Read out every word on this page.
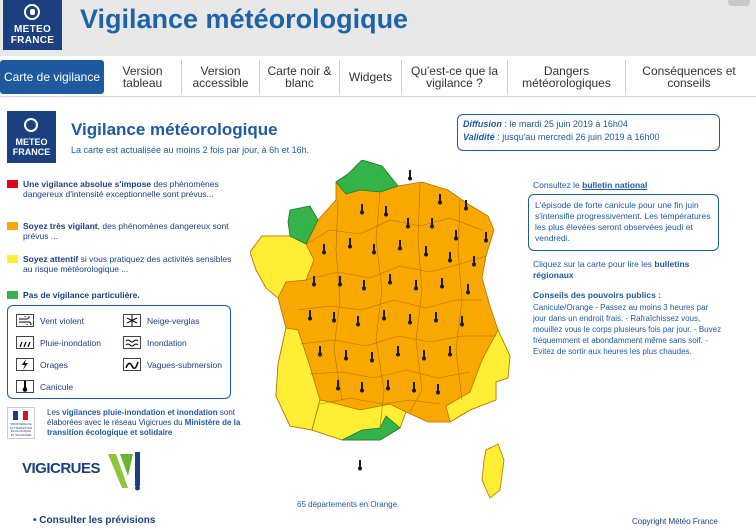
METEO
FRANCE
Vigilance météorologique
Carte de vigilance	Version tableau
Version accessible
Carte noir & blanc	Widgets	Qu'est-ce que la vigilance ?
Dangers météorologiques
Conséquences et conseils
METEO
FRANCE
Vigilance météorologique
La carte est actualisée au moins 2 fois par jour, à 6h et 16h.
Une vigilance absolue s'impose des phénomènes dangereux d'intensité exceptionnelle sont prévus...
Soyez très vigilant, des phénomènes dangereux sont prévus ...
Soyez attentif si vous pratiquez des activités sensibles au risque météorologique ...
Pas de vigilance particulière.
Vent violent	Neige-verglas
Pluie-inondation	Inondation
Orages	Vagues-submersion
Canicule
MINISTÈRE DE LA TRANSITION ÉCOLOGIQUE ET SOLIDAIRE
Les vigilances pluie-inondation et inondation sont élaborées avec le réseau Vigicrues du Ministère de la transition écologique et solidaire
VIGICRUES
Diffusion : le mardi 25 juin 2019 à 16h04
Validité : jusqu'au mercredi 26 juin 2019 à 16h00
Consultez le bulletin national
L'épisode de forte canicule pour une fin juin s'intensifie progressivement. Les températures les plus élevées seront observées jeudi et vendredi.
Cliquez sur la carte pour lire les bulletins régionaux
Conseils des pouvoirs publics :
Canicule/Orange - Passez au moins 3 heures par jour dans un endroit frais. - Rafraîchissez vous, mouillez vous le corps plusieurs fois par jour. - Buvez fréquemment et abondamment même sans soif. - Evitez de sortir aux heures les plus chaudes.
65 départements en Orange.
• Consulter les prévisions	Copyright Météo France
